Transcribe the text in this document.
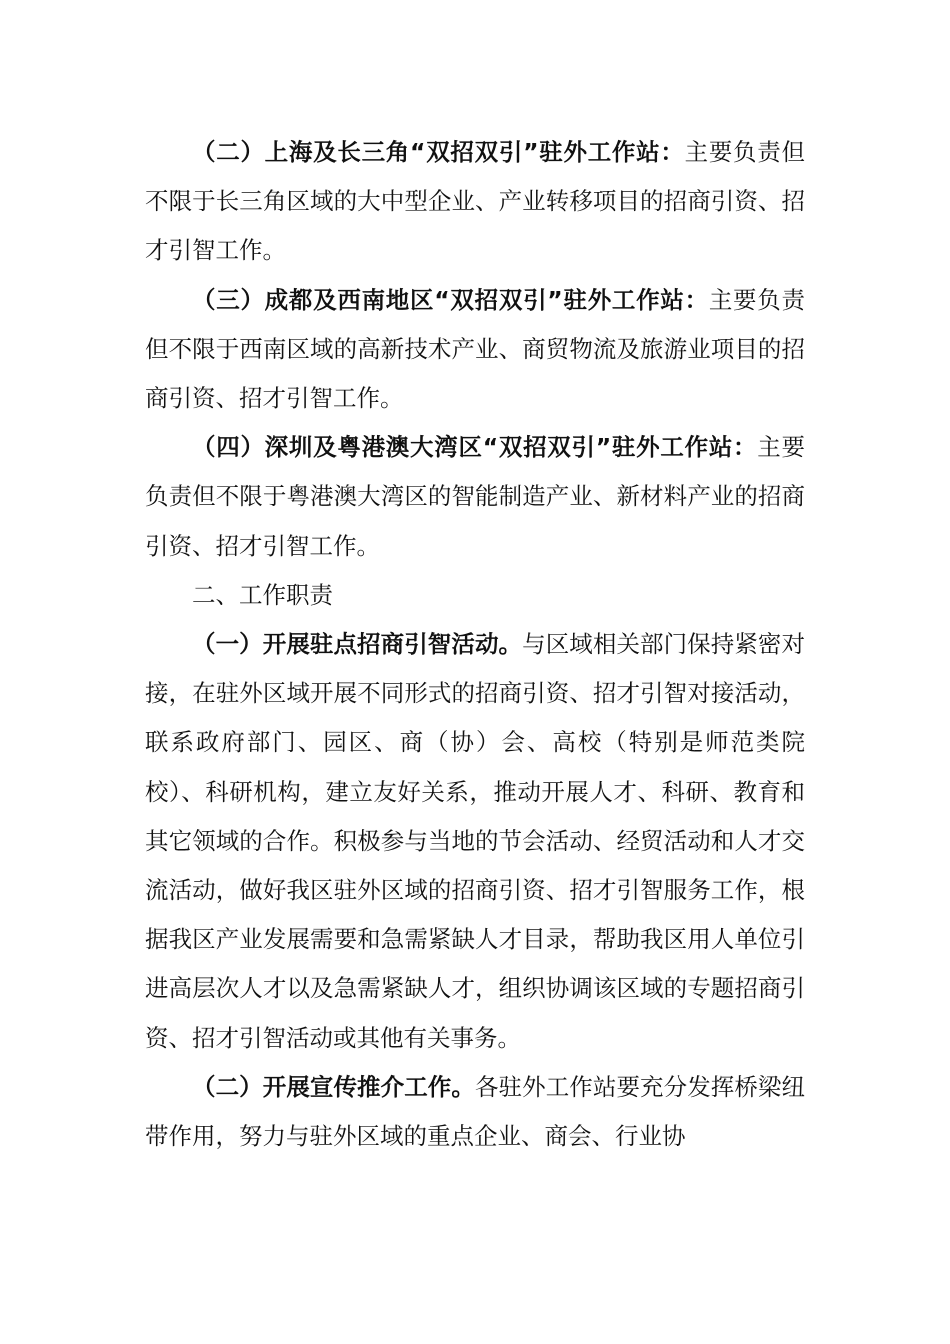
（二）上海及长三角“双招双引”驻外工作站：主要负责但不限于长三角区域的大中型企业、产业转移项目的招商引资、招才引智工作。

（三）成都及西南地区“双招双引”驻外工作站：主要负责但不限于西南区域的高新技术产业、商贸物流及旅游业项目的招商引资、招才引智工作。

（四）深圳及粤港澳大湾区“双招双引”驻外工作站：主要负责但不限于粤港澳大湾区的智能制造产业、新材料产业的招商引资、招才引智工作。

二、工作职责

（一）开展驻点招商引智活动。与区域相关部门保持紧密对接，在驻外区域开展不同形式的招商引资、招才引智对接活动，联系政府部门、园区、商（协）会、高校（特别是师范类院校）、科研机构，建立友好关系，推动开展人才、科研、教育和其它领域的合作。积极参与当地的节会活动、经贸活动和人才交流活动，做好我区驻外区域的招商引资、招才引智服务工作，根据我区产业发展需要和急需紧缺人才目录，帮助我区用人单位引进高层次人才以及急需紧缺人才，组织协调该区域的专题招商引资、招才引智活动或其他有关事务。

（二）开展宣传推介工作。各驻外工作站要充分发挥桥梁纽带作用，努力与驻外区域的重点企业、商会、行业协
